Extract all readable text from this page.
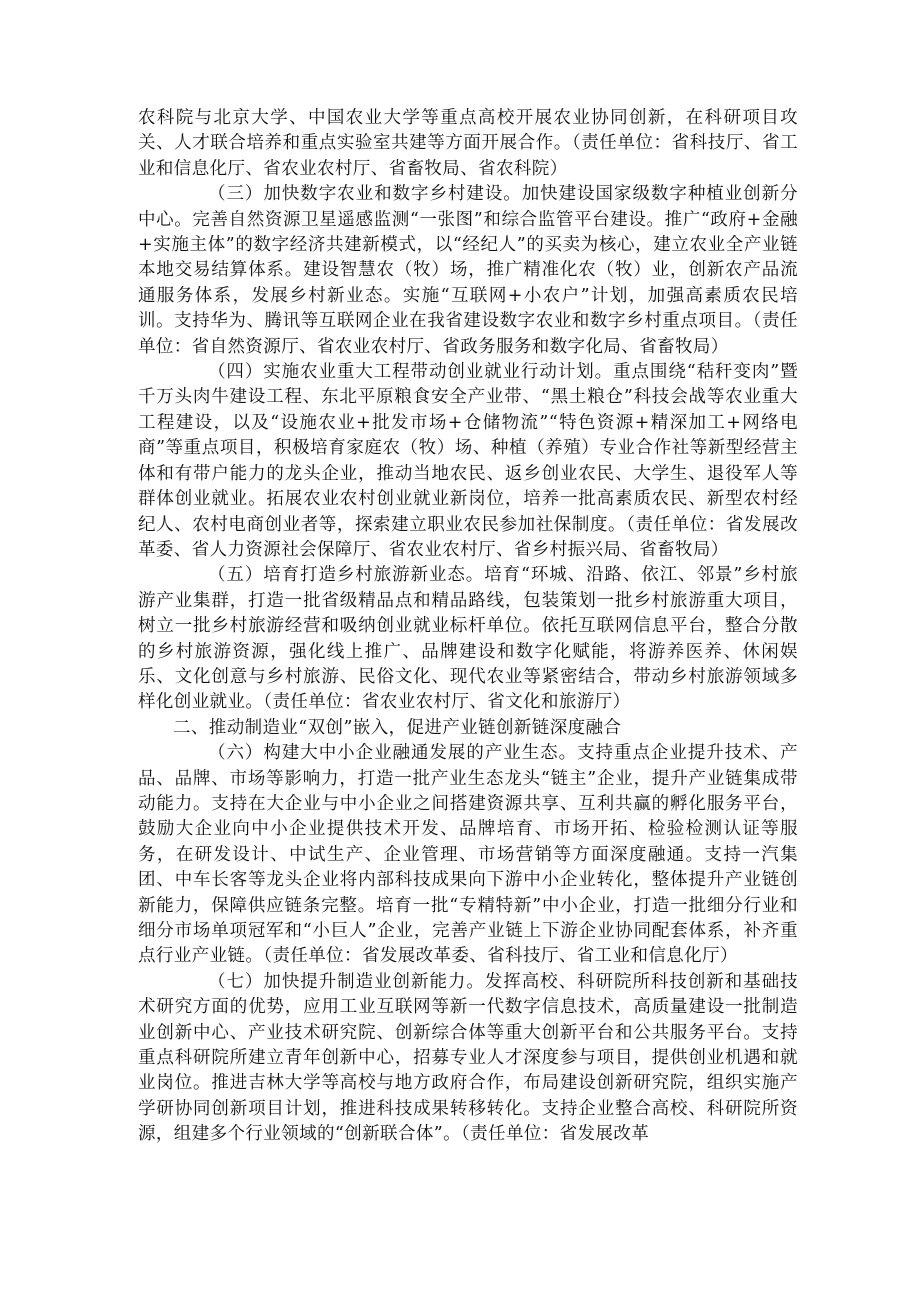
农科院与北京大学、中国农业大学等重点高校开展农业协同创新，在科研项目攻关、人才联合培养和重点实验室共建等方面开展合作。（责任单位：省科技厅、省工业和信息化厅、省农业农村厅、省畜牧局、省农科院）

（三）加快数字农业和数字乡村建设。加快建设国家级数字种植业创新分中心。完善自然资源卫星遥感监测“一张图”和综合监管平台建设。推广“政府+金融+实施主体”的数字经济共建新模式，以“经纪人”的买卖为核心，建立农业全产业链本地交易结算体系。建设智慧农（牧）场，推广精准化农（牧）业，创新农产品流通服务体系，发展乡村新业态。实施“互联网+小农户”计划，加强高素质农民培训。支持华为、腾讯等互联网企业在我省建设数字农业和数字乡村重点项目。（责任单位：省自然资源厅、省农业农村厅、省政务服务和数字化局、省畜牧局）

（四）实施农业重大工程带动创业就业行动计划。重点围绕“秸秆变肉”暨千万头肉牛建设工程、东北平原粮食安全产业带、“黑土粮仓”科技会战等农业重大工程建设，以及“设施农业+批发市场+仓储物流”“特色资源+精深加工+网络电商”等重点项目，积极培育家庭农（牧）场、种植（养殖）专业合作社等新型经营主体和有带户能力的龙头企业，推动当地农民、返乡创业农民、大学生、退役军人等群体创业就业。拓展农业农村创业就业新岗位，培养一批高素质农民、新型农村经纪人、农村电商创业者等，探索建立职业农民参加社保制度。（责任单位：省发展改革委、省人力资源社会保障厅、省农业农村厅、省乡村振兴局、省畜牧局）

（五）培育打造乡村旅游新业态。培育“环城、沿路、依江、邻景”乡村旅游产业集群，打造一批省级精品点和精品路线，包装策划一批乡村旅游重大项目，树立一批乡村旅游经营和吸纳创业就业标杆单位。依托互联网信息平台，整合分散的乡村旅游资源，强化线上推广、品牌建设和数字化赋能，将游养医养、休闲娱乐、文化创意与乡村旅游、民俗文化、现代农业等紧密结合，带动乡村旅游领域多样化创业就业。（责任单位：省农业农村厅、省文化和旅游厅）

二、推动制造业“双创”嵌入，促进产业链创新链深度融合

（六）构建大中小企业融通发展的产业生态。支持重点企业提升技术、产品、品牌、市场等影响力，打造一批产业生态龙头“链主”企业，提升产业链集成带动能力。支持在大企业与中小企业之间搭建资源共享、互利共赢的孵化服务平台，鼓励大企业向中小企业提供技术开发、品牌培育、市场开拓、检验检测认证等服务，在研发设计、中试生产、企业管理、市场营销等方面深度融通。支持一汽集团、中车长客等龙头企业将内部科技成果向下游中小企业转化，整体提升产业链创新能力，保障供应链条完整。培育一批“专精特新”中小企业，打造一批细分行业和细分市场单项冠军和“小巨人”企业，完善产业链上下游企业协同配套体系，补齐重点行业产业链。（责任单位：省发展改革委、省科技厅、省工业和信息化厅）

（七）加快提升制造业创新能力。发挥高校、科研院所科技创新和基础技术研究方面的优势，应用工业互联网等新一代数字信息技术，高质量建设一批制造业创新中心、产业技术研究院、创新综合体等重大创新平台和公共服务平台。支持重点科研院所建立青年创新中心，招募专业人才深度参与项目，提供创业机遇和就业岗位。推进吉林大学等高校与地方政府合作，布局建设创新研究院，组织实施产学研协同创新项目计划，推进科技成果转移转化。支持企业整合高校、科研院所资源，组建多个行业领域的“创新联合体”。（责任单位：省发展改革
